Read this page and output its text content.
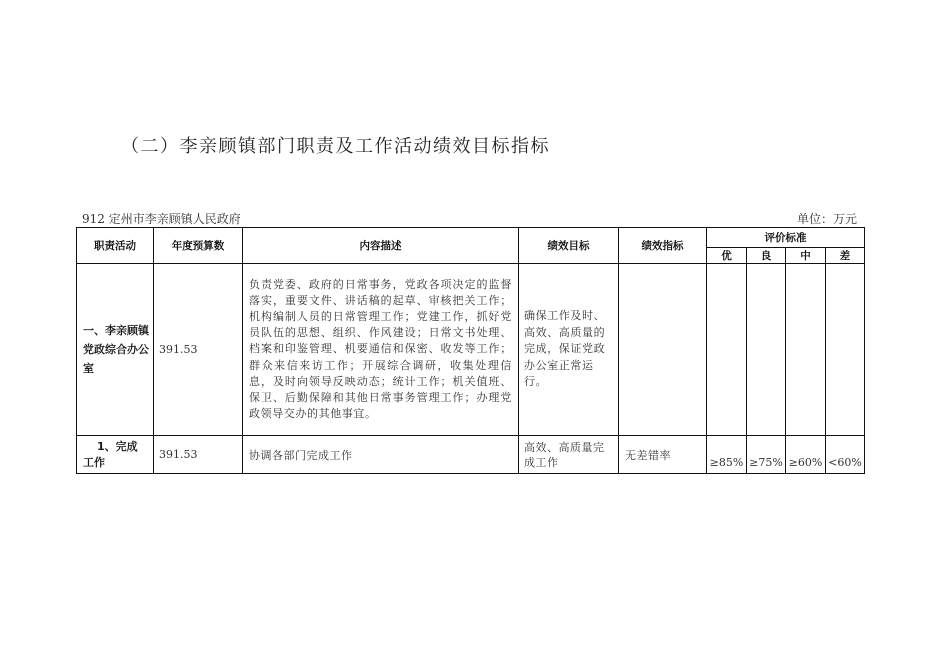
（二）李亲顾镇部门职责及工作活动绩效目标指标
912 定州市李亲顾镇人民政府	单位：万元
职责活动	年度预算数	内容描述	绩效目标	绩效指标	评价标准			
					优	良	中	差
一、李亲顾镇党政综合办公室	391.53	负责党委、政府的日常事务，党政各项决定的监督落实，重要文件、讲话稿的起草、审核把关工作；机构编制人员的日常管理工作；党建工作，抓好党员队伍的思想、组织、作风建设；日常文书处理、档案和印鉴管理、机要通信和保密、收发等工作；群众来信来访工作；开展综合调研，收集处理信息，及时向领导反映动态；统计工作；机关值班、保卫、后勤保障和其他日常事务管理工作；办理党政领导交办的其他事宜。	确保工作及时、高效、高质量的完成，保证党政办公室正常运行。					

1、完成
工作	391.53	协调各部门完成工作	高效、高质量完成工作	无差错率	≥85%	≥75%	≥60%	<60%
